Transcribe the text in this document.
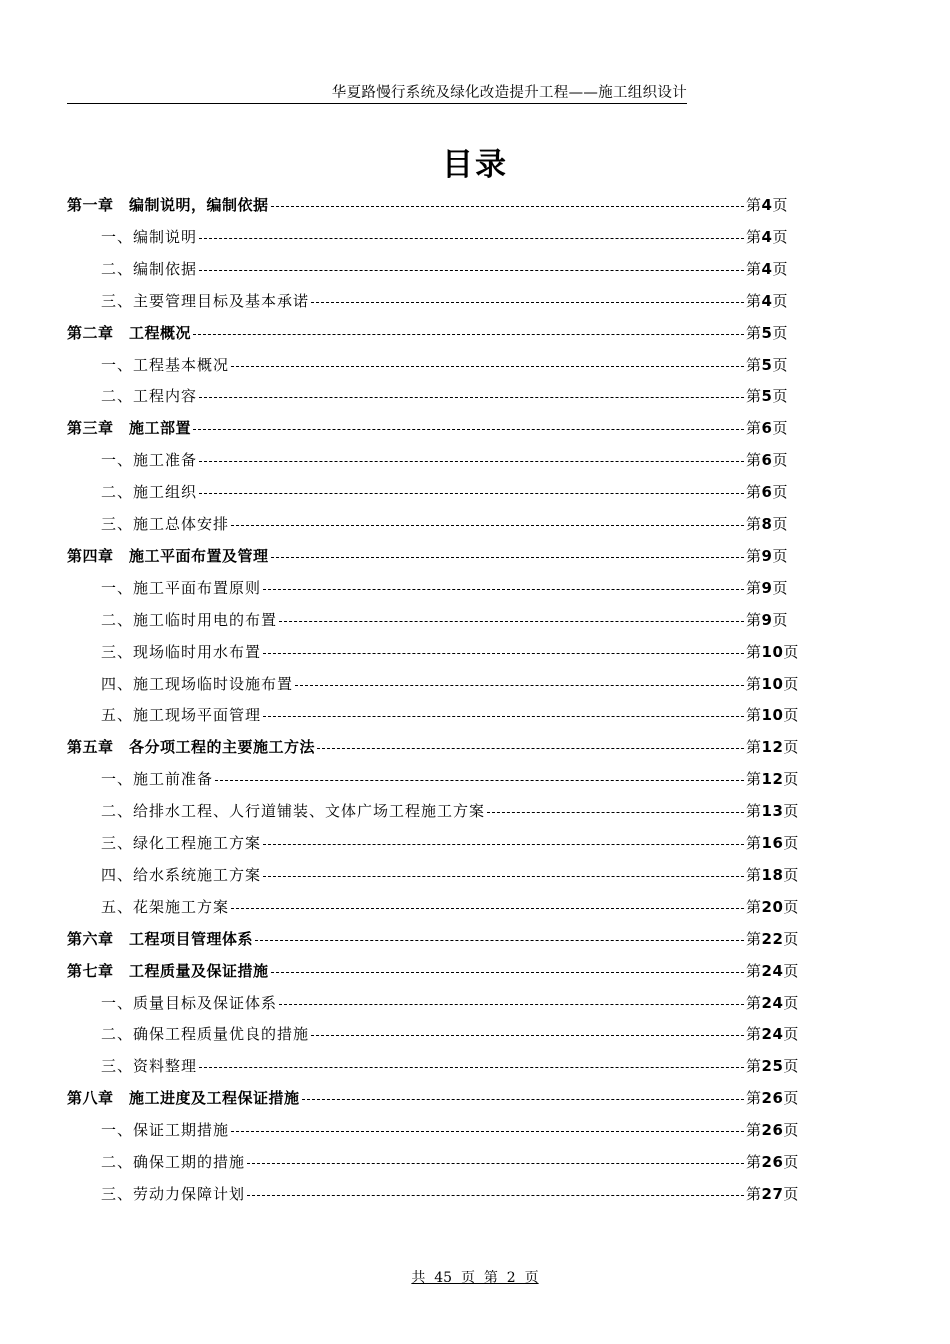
华夏路慢行系统及绿化改造提升工程——施工组织设计
目录
第一章　编制说明，编制依据	第4页
一、编制说明	第4页
二、编制依据	第4页
三、主要管理目标及基本承诺	第4页
第二章　工程概况	第5页
一、工程基本概况	第5页
二、工程内容	第5页
第三章　施工部置	第6页
一、施工准备	第6页
二、施工组织	第6页
三、施工总体安排	第8页
第四章　施工平面布置及管理	第9页
一、施工平面布置原则	第9页
二、施工临时用电的布置	第9页
三、现场临时用水布置	第10页
四、施工现场临时设施布置	第10页
五、施工现场平面管理	第10页
第五章　各分项工程的主要施工方法	第12页
一、施工前准备	第12页
二、给排水工程、人行道铺装、文体广场工程施工方案	第13页
三、绿化工程施工方案	第16页
四、给水系统施工方案	第18页
五、花架施工方案	第20页
第六章　工程项目管理体系	第22页
第七章　工程质量及保证措施	第24页
一、质量目标及保证体系	第24页
二、确保工程质量优良的措施	第24页
三、资料整理	第25页
第八章　施工进度及工程保证措施	第26页
一、保证工期措施	第26页
二、确保工期的措施	第26页
三、劳动力保障计划	第27页
共  45  页  第  2  页
